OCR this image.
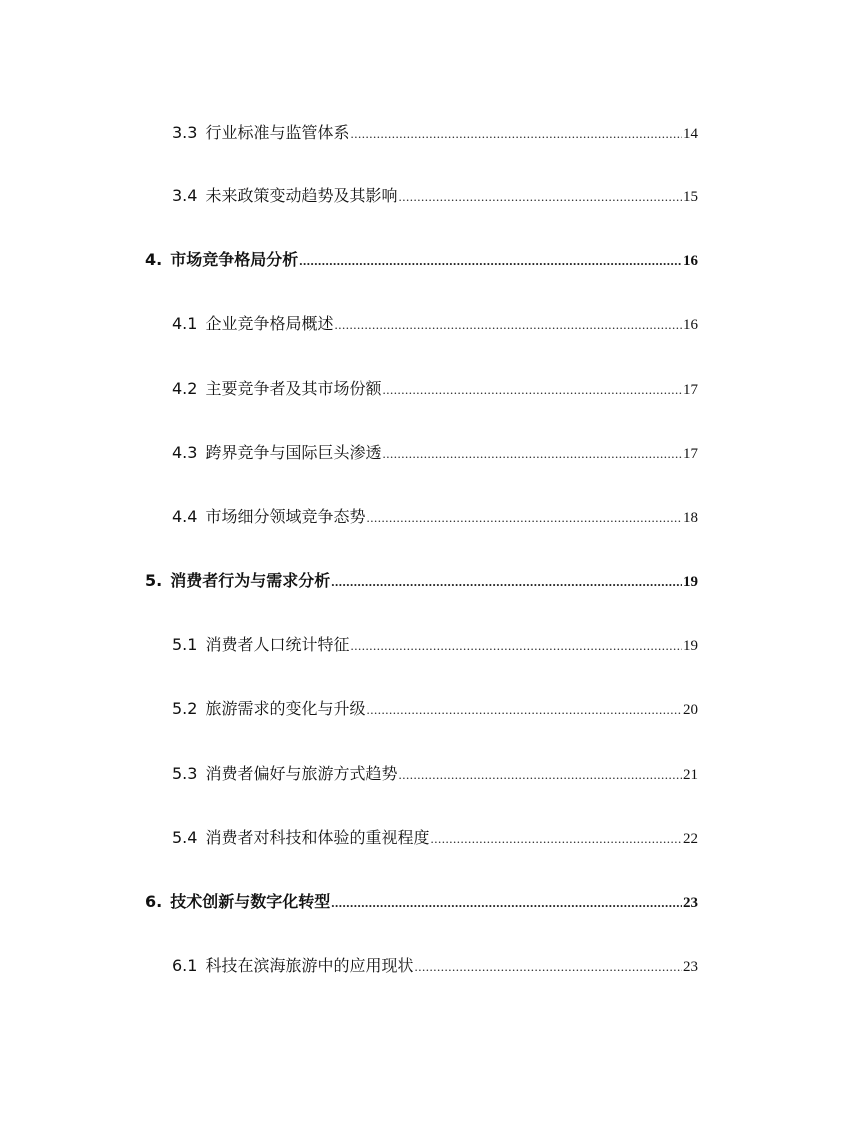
3.3 行业标准与监管体系 .....	14
3.4 未来政策变动趋势及其影响 .....	15
4. 市场竞争格局分析 .....	16
4.1 企业竞争格局概述 .....	16
4.2 主要竞争者及其市场份额 .....	17
4.3 跨界竞争与国际巨头渗透 .....	17
4.4 市场细分领域竞争态势 .....	18
5. 消费者行为与需求分析 .....	19
5.1 消费者人口统计特征 .....	19
5.2 旅游需求的变化与升级 .....	20
5.3 消费者偏好与旅游方式趋势 .....	21
5.4 消费者对科技和体验的重视程度 .....	22
6. 技术创新与数字化转型 .....	23
6.1 科技在滨海旅游中的应用现状 .....	23
